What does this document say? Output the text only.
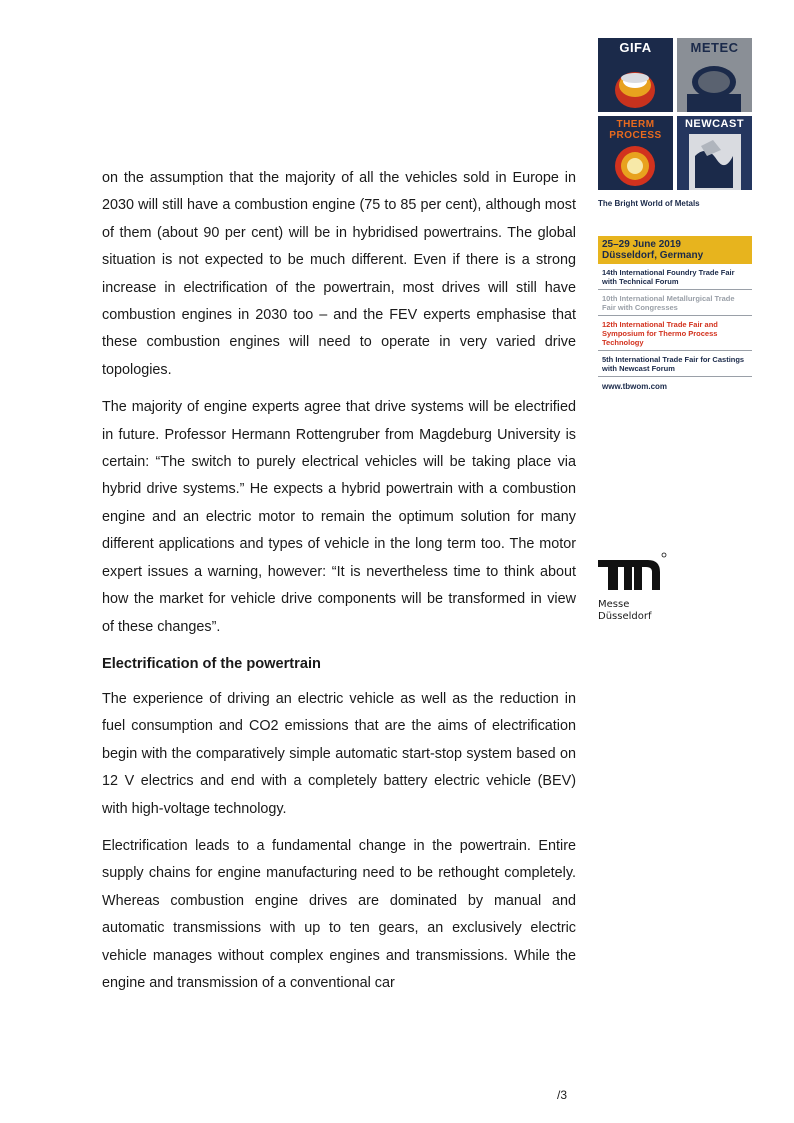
on the assumption that the majority of all the vehicles sold in Europe in 2030 will still have a combustion engine (75 to 85 per cent), although most of them (about 90 per cent) will be in hybridised powertrains. The global situation is not expected to be much different. Even if there is a strong increase in electrification of the powertrain, most drives will still have combustion engines in 2030 too – and the FEV experts emphasise that these combustion engines will need to operate in very varied drive topologies.

The majority of engine experts agree that drive systems will be electrified in future. Professor Hermann Rottengruber from Magdeburg University is certain: “The switch to purely electrical vehicles will be taking place via hybrid drive systems.” He expects a hybrid powertrain with a combustion engine and an electric motor to remain the optimum solution for many different applications and types of vehicle in the long term too. The motor expert issues a warning, however: “It is nevertheless time to think about how the market for vehicle drive components will be transformed in view of these changes”.

Electrification of the powertrain

The experience of driving an electric vehicle as well as the reduction in fuel consumption and CO2 emissions that are the aims of electrification begin with the comparatively simple automatic start-stop system based on 12 V electrics and end with a completely battery electric vehicle (BEV) with high-voltage technology.

Electrification leads to a fundamental change in the powertrain. Entire supply chains for engine manufacturing need to be rethought completely. Whereas combustion engine drives are dominated by manual and automatic transmissions with up to ten gears, an exclusively electric vehicle manages without complex engines and transmissions. While the engine and transmission of a conventional car

/3
GIFA	METEC
THERM PROCESS
NEWCAST
The Bright World of Metals
25–29 June 2019
Düsseldorf, Germany
14th International Foundry Trade Fair with Technical Forum
10th International Metallurgical Trade Fair with Congresses
12th International Trade Fair and Symposium for Thermo Process Technology
5th International Trade Fair for Castings with Newcast Forum
www.tbwom.com
Messe
Düsseldorf
